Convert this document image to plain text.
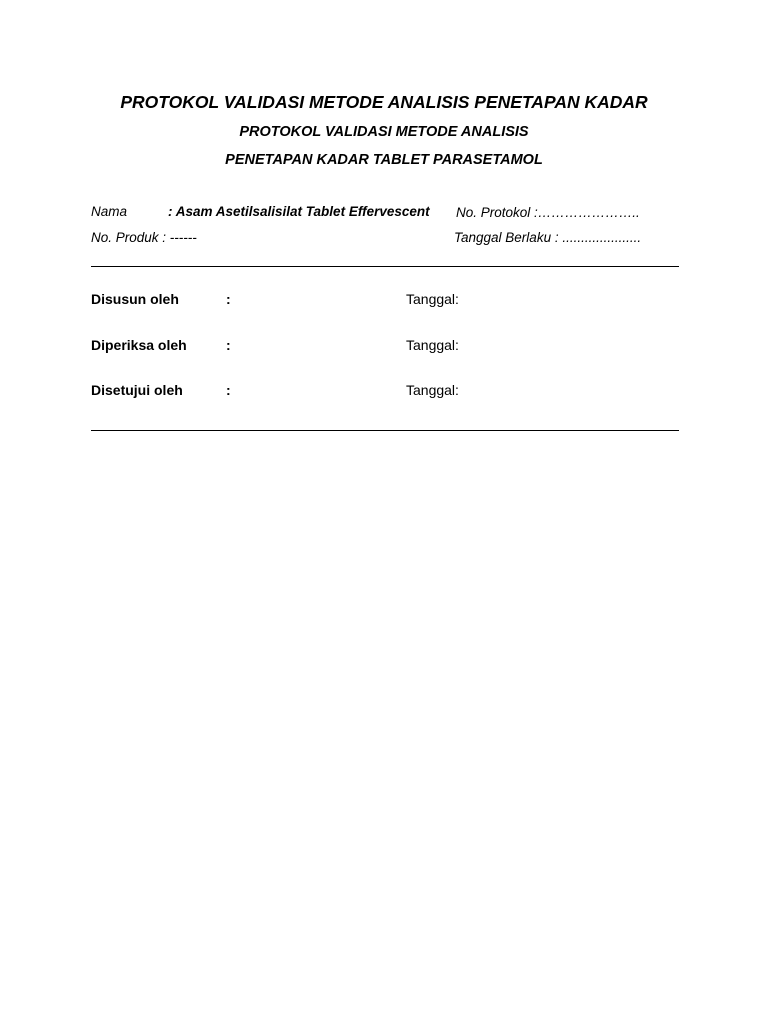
PROTOKOL VALIDASI METODE ANALISIS PENETAPAN KADAR
PROTOKOL VALIDASI METODE ANALISIS
PENETAPAN KADAR TABLET PARASETAMOL
Nama	: Asam Asetilsalisilat Tablet Effervescent No. Protokol :…………………..
No. Produk : ------	Tanggal Berlaku : .....................
Disusun oleh	:	Tanggal:
Diperiksa oleh	:	Tanggal:
Disetujui oleh	:	Tanggal:
